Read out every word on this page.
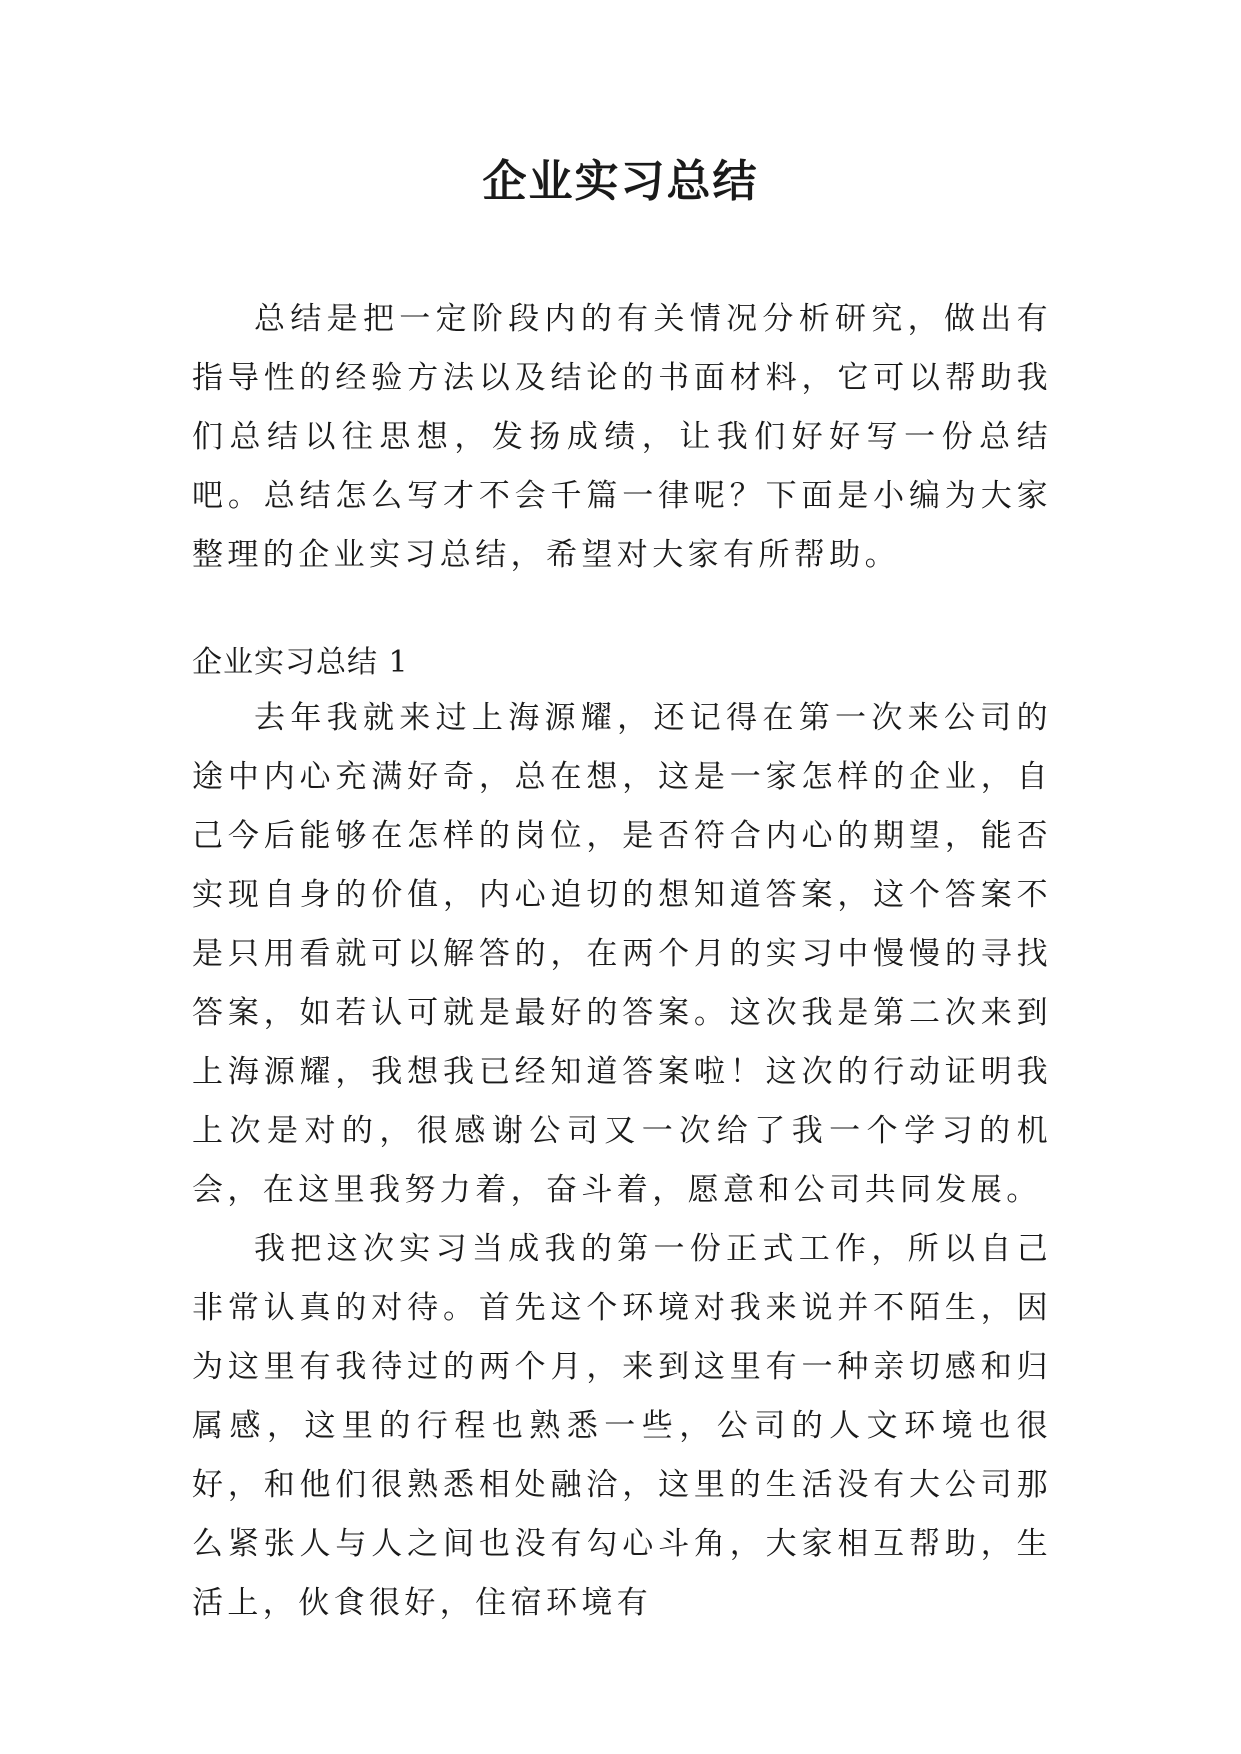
企业实习总结

总结是把一定阶段内的有关情况分析研究，做出有指导性的经验方法以及结论的书面材料，它可以帮助我们总结以往思想，发扬成绩，让我们好好写一份总结吧。总结怎么写才不会千篇一律呢？下面是小编为大家整理的企业实习总结，希望对大家有所帮助。

企业实习总结 1

去年我就来过上海源耀，还记得在第一次来公司的途中内心充满好奇，总在想，这是一家怎样的企业，自己今后能够在怎样的岗位，是否符合内心的期望，能否实现自身的价值，内心迫切的想知道答案，这个答案不是只用看就可以解答的，在两个月的实习中慢慢的寻找答案，如若认可就是最好的答案。这次我是第二次来到上海源耀，我想我已经知道答案啦！这次的行动证明我上次是对的，很感谢公司又一次给了我一个学习的机会，在这里我努力着，奋斗着，愿意和公司共同发展。

我把这次实习当成我的第一份正式工作，所以自己非常认真的对待。首先这个环境对我来说并不陌生，因为这里有我待过的两个月，来到这里有一种亲切感和归属感，这里的行程也熟悉一些，公司的人文环境也很好，和他们很熟悉相处融洽，这里的生活没有大公司那么紧张人与人之间也没有勾心斗角，大家相互帮助，生活上，伙食很好，住宿环境有
